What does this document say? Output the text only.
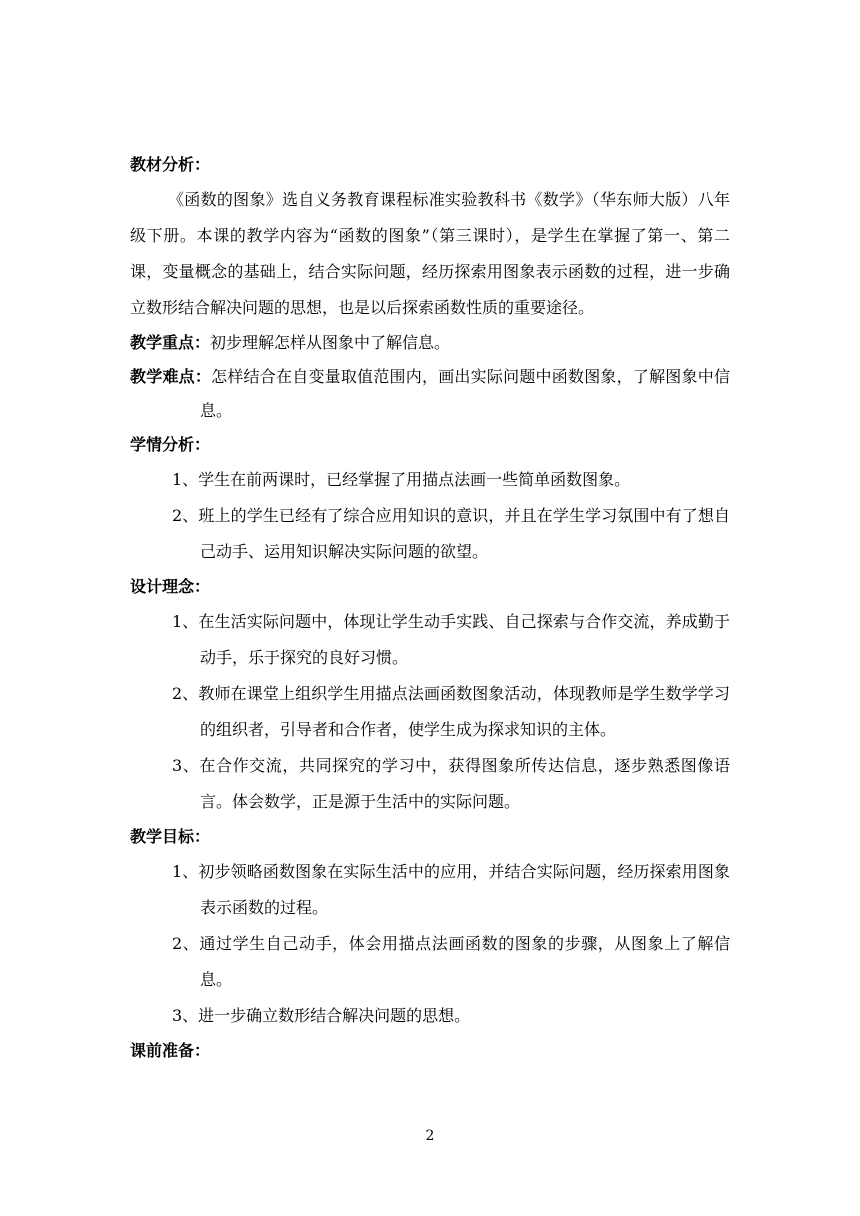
教材分析：

《函数的图象》选自义务教育课程标准实验教科书《数学》（华东师大版）八年级下册。本课的教学内容为“函数的图象”（第三课时），是学生在掌握了第一、第二课，变量概念的基础上，结合实际问题，经历探索用图象表示函数的过程，进一步确立数形结合解决问题的思想，也是以后探索函数性质的重要途径。

教学重点：初步理解怎样从图象中了解信息。

教学难点：怎样结合在自变量取值范围内，画出实际问题中函数图象，了解图象中信息。

学情分析：

1、学生在前两课时，已经掌握了用描点法画一些简单函数图象。

2、班上的学生已经有了综合应用知识的意识，并且在学生学习氛围中有了想自己动手、运用知识解决实际问题的欲望。

设计理念：

1、在生活实际问题中，体现让学生动手实践、自己探索与合作交流，养成勤于动手，乐于探究的良好习惯。

2、教师在课堂上组织学生用描点法画函数图象活动，体现教师是学生数学学习的组织者，引导者和合作者，使学生成为探求知识的主体。

3、在合作交流，共同探究的学习中，获得图象所传达信息，逐步熟悉图像语言。体会数学，正是源于生活中的实际问题。

教学目标：

1、初步领略函数图象在实际生活中的应用，并结合实际问题，经历探索用图象表示函数的过程。

2、通过学生自己动手，体会用描点法画函数的图象的步骤，从图象上了解信息。

3、进一步确立数形结合解决问题的思想。

课前准备：
2
